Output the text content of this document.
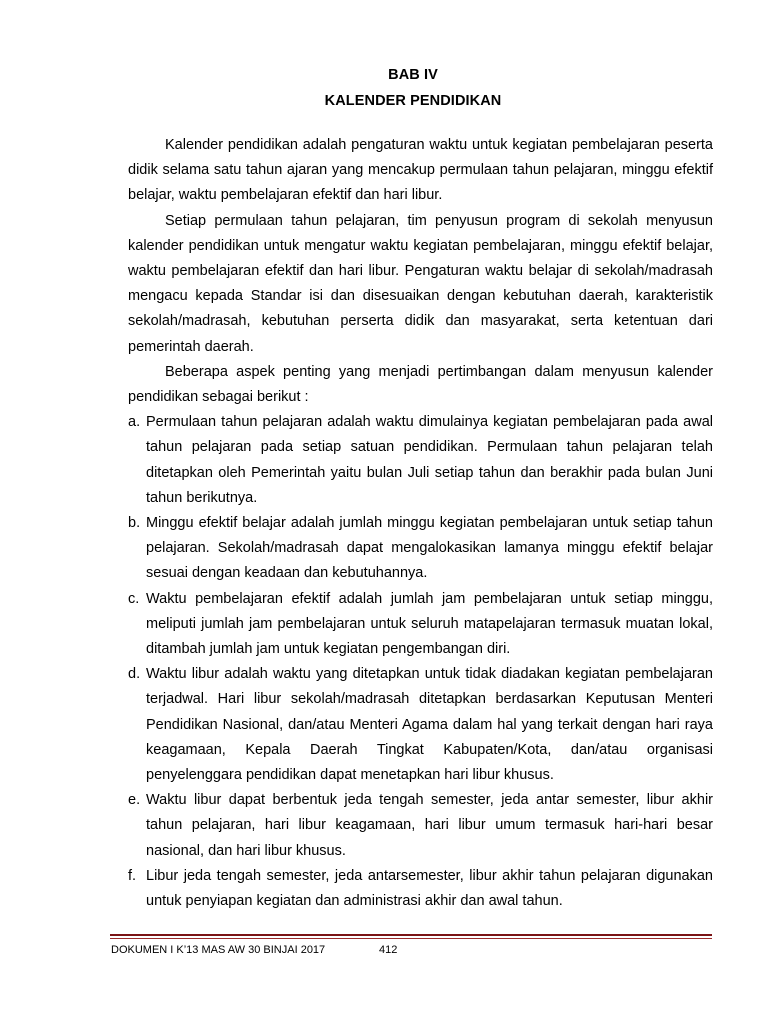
BAB IV
KALENDER PENDIDIKAN

Kalender pendidikan adalah pengaturan waktu untuk kegiatan pembelajaran peserta didik selama satu tahun ajaran yang mencakup permulaan tahun pelajaran, minggu efektif belajar, waktu pembelajaran efektif dan hari libur.

Setiap permulaan tahun pelajaran, tim penyusun program di sekolah menyusun kalender pendidikan untuk mengatur waktu kegiatan pembelajaran, minggu efektif belajar, waktu pembelajaran efektif dan hari libur. Pengaturan waktu belajar di sekolah/madrasah mengacu kepada Standar isi dan disesuaikan dengan kebutuhan daerah, karakteristik sekolah/madrasah, kebutuhan perserta didik dan masyarakat, serta ketentuan dari pemerintah daerah.

Beberapa aspek penting yang menjadi pertimbangan dalam menyusun kalender pendidikan sebagai berikut :

a. Permulaan tahun pelajaran adalah waktu dimulainya kegiatan pembelajaran pada awal tahun pelajaran pada setiap satuan pendidikan. Permulaan tahun pelajaran telah ditetapkan oleh Pemerintah yaitu bulan Juli setiap tahun dan berakhir pada bulan Juni tahun berikutnya.
b. Minggu efektif belajar adalah jumlah minggu kegiatan pembelajaran untuk setiap tahun pelajaran. Sekolah/madrasah dapat mengalokasikan lamanya minggu efektif belajar sesuai dengan keadaan dan kebutuhannya.
c. Waktu pembelajaran efektif adalah jumlah jam pembelajaran untuk setiap minggu, meliputi jumlah jam pembelajaran untuk seluruh matapelajaran termasuk muatan lokal, ditambah jumlah jam untuk kegiatan pengembangan diri.
d. Waktu libur adalah waktu yang ditetapkan untuk tidak diadakan kegiatan pembelajaran terjadwal. Hari libur sekolah/madrasah ditetapkan berdasarkan Keputusan Menteri Pendidikan Nasional, dan/atau Menteri Agama dalam hal yang terkait dengan hari raya keagamaan, Kepala Daerah Tingkat Kabupaten/Kota, dan/atau organisasi penyelenggara pendidikan dapat menetapkan hari libur khusus.
e. Waktu libur dapat berbentuk jeda tengah semester, jeda antar semester, libur akhir tahun pelajaran, hari libur keagamaan, hari libur umum termasuk hari-hari besar nasional, dan hari libur khusus.
f. Libur jeda tengah semester, jeda antarsemester, libur akhir tahun pelajaran digunakan untuk penyiapan kegiatan dan administrasi akhir dan awal tahun.
DOKUMEN I K’13 MAS AW 30 BINJAI 2017	412
